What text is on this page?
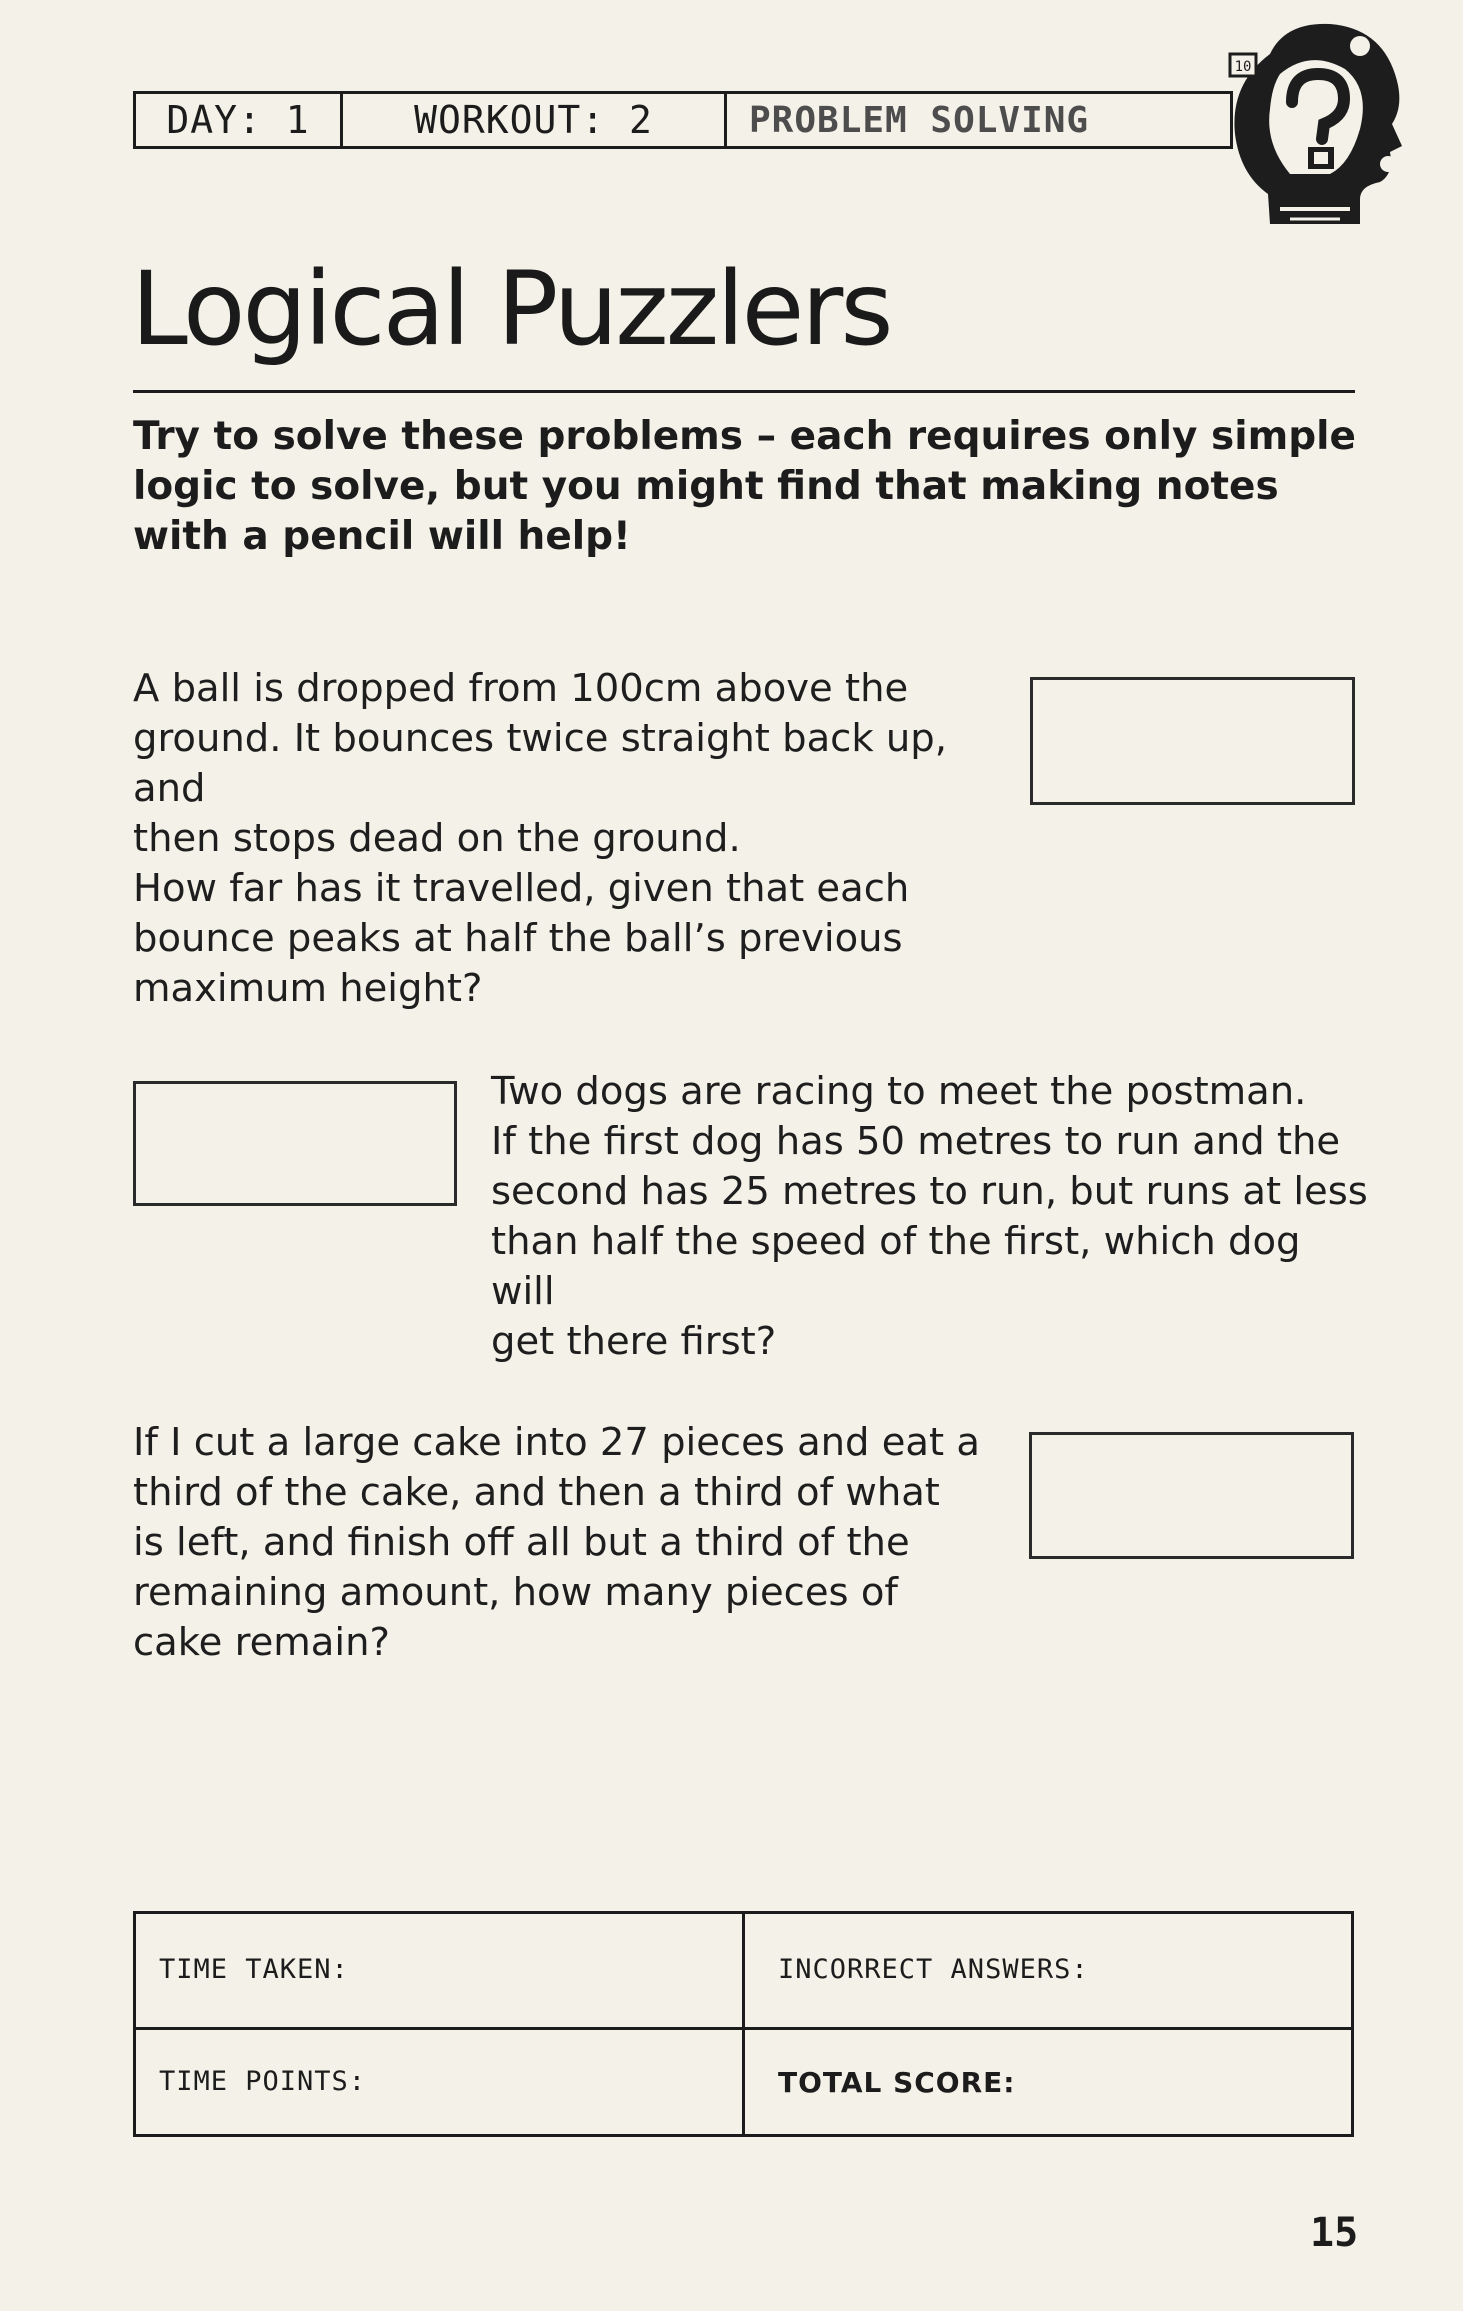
DAY: 1	WORKOUT: 2	PROBLEM SOLVING
10
Logical Puzzlers

Try to solve these problems – each requires only simple logic to solve, but you might find that making notes with a pencil will help!

A ball is dropped from 100cm above the
ground. It bounces twice straight back up, and
then stops dead on the ground.
How far has it travelled, given that each
bounce peaks at half the ball’s previous
maximum height?

Two dogs are racing to meet the postman.
If the first dog has 50 metres to run and the
second has 25 metres to run, but runs at less
than half the speed of the first, which dog will
get there first?

If I cut a large cake into 27 pieces and eat a
third of the cake, and then a third of what
is left, and finish off all but a third of the
remaining amount, how many pieces of
cake remain?

TIME TAKEN:	INCORRECT ANSWERS:
TIME POINTS:	TOTAL SCORE:
15
